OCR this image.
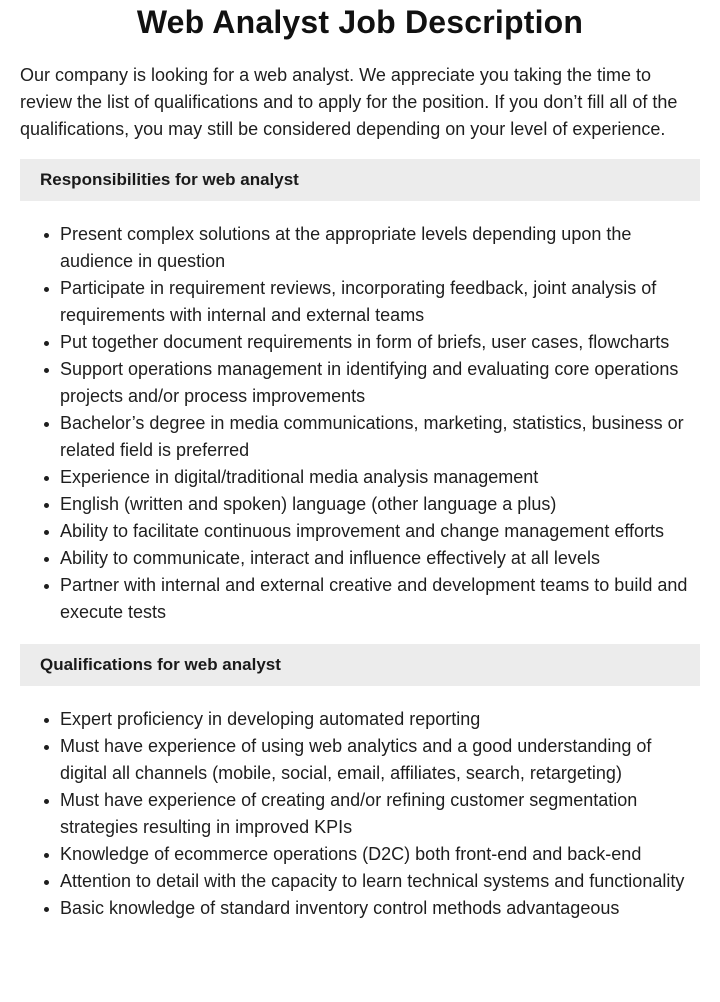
Web Analyst Job Description

Our company is looking for a web analyst. We appreciate you taking the time to review the list of qualifications and to apply for the position. If you don’t fill all of the qualifications, you may still be considered depending on your level of experience.

Responsibilities for web analyst
Present complex solutions at the appropriate levels depending upon the audience in question
Participate in requirement reviews, incorporating feedback, joint analysis of requirements with internal and external teams
Put together document requirements in form of briefs, user cases, flowcharts
Support operations management in identifying and evaluating core operations projects and/or process improvements
Bachelor’s degree in media communications, marketing, statistics, business or related field is preferred
Experience in digital/traditional media analysis management
English (written and spoken) language (other language a plus)
Ability to facilitate continuous improvement and change management efforts
Ability to communicate, interact and influence effectively at all levels
Partner with internal and external creative and development teams to build and execute tests
Qualifications for web analyst
Expert proficiency in developing automated reporting
Must have experience of using web analytics and a good understanding of digital all channels (mobile, social, email, affiliates, search, retargeting)
Must have experience of creating and/or refining customer segmentation strategies resulting in improved KPIs
Knowledge of ecommerce operations (D2C) both front-end and back-end
Attention to detail with the capacity to learn technical systems and functionality
Basic knowledge of standard inventory control methods advantageous
